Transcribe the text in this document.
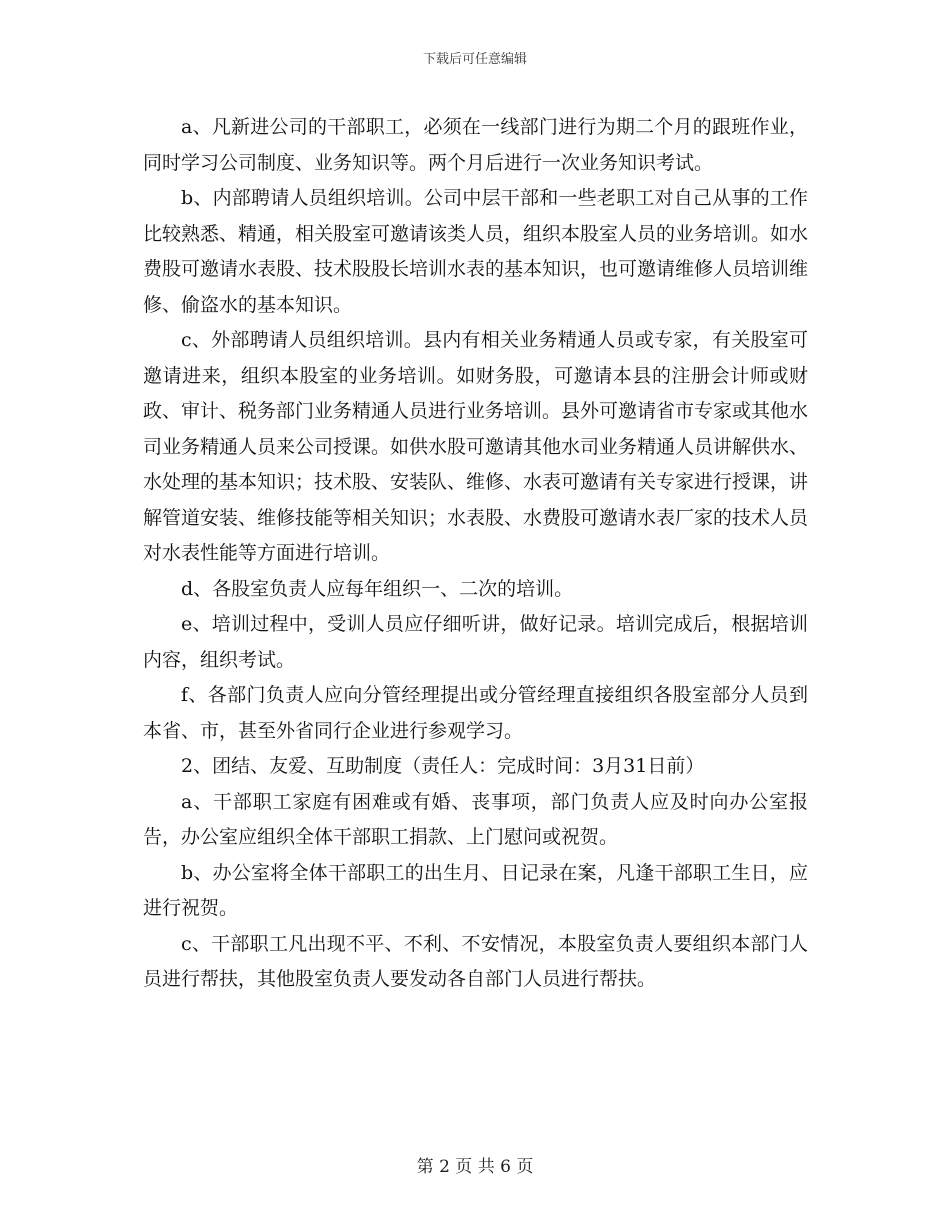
下载后可任意编辑

a、凡新进公司的干部职工，必须在一线部门进行为期二个月的跟班作业，同时学习公司制度、业务知识等。两个月后进行一次业务知识考试。

b、内部聘请人员组织培训。公司中层干部和一些老职工对自己从事的工作比较熟悉、精通，相关股室可邀请该类人员，组织本股室人员的业务培训。如水费股可邀请水表股、技术股股长培训水表的基本知识，也可邀请维修人员培训维修、偷盗水的基本知识。

c、外部聘请人员组织培训。县内有相关业务精通人员或专家，有关股室可邀请进来，组织本股室的业务培训。如财务股，可邀请本县的注册会计师或财政、审计、税务部门业务精通人员进行业务培训。县外可邀请省市专家或其他水司业务精通人员来公司授课。如供水股可邀请其他水司业务精通人员讲解供水、水处理的基本知识；技术股、安装队、维修、水表可邀请有关专家进行授课，讲解管道安装、维修技能等相关知识；水表股、水费股可邀请水表厂家的技术人员对水表性能等方面进行培训。

d、各股室负责人应每年组织一、二次的培训。

e、培训过程中，受训人员应仔细听讲，做好记录。培训完成后，根据培训内容，组织考试。

f、各部门负责人应向分管经理提出或分管经理直接组织各股室部分人员到本省、市，甚至外省同行企业进行参观学习。

2、团结、友爱、互助制度（责任人：完成时间：3月31日前）

a、干部职工家庭有困难或有婚、丧事项，部门负责人应及时向办公室报告，办公室应组织全体干部职工捐款、上门慰问或祝贺。

b、办公室将全体干部职工的出生月、日记录在案，凡逢干部职工生日，应进行祝贺。

c、干部职工凡出现不平、不利、不安情况，本股室负责人要组织本部门人员进行帮扶，其他股室负责人要发动各自部门人员进行帮扶。

第 2 页 共 6 页
